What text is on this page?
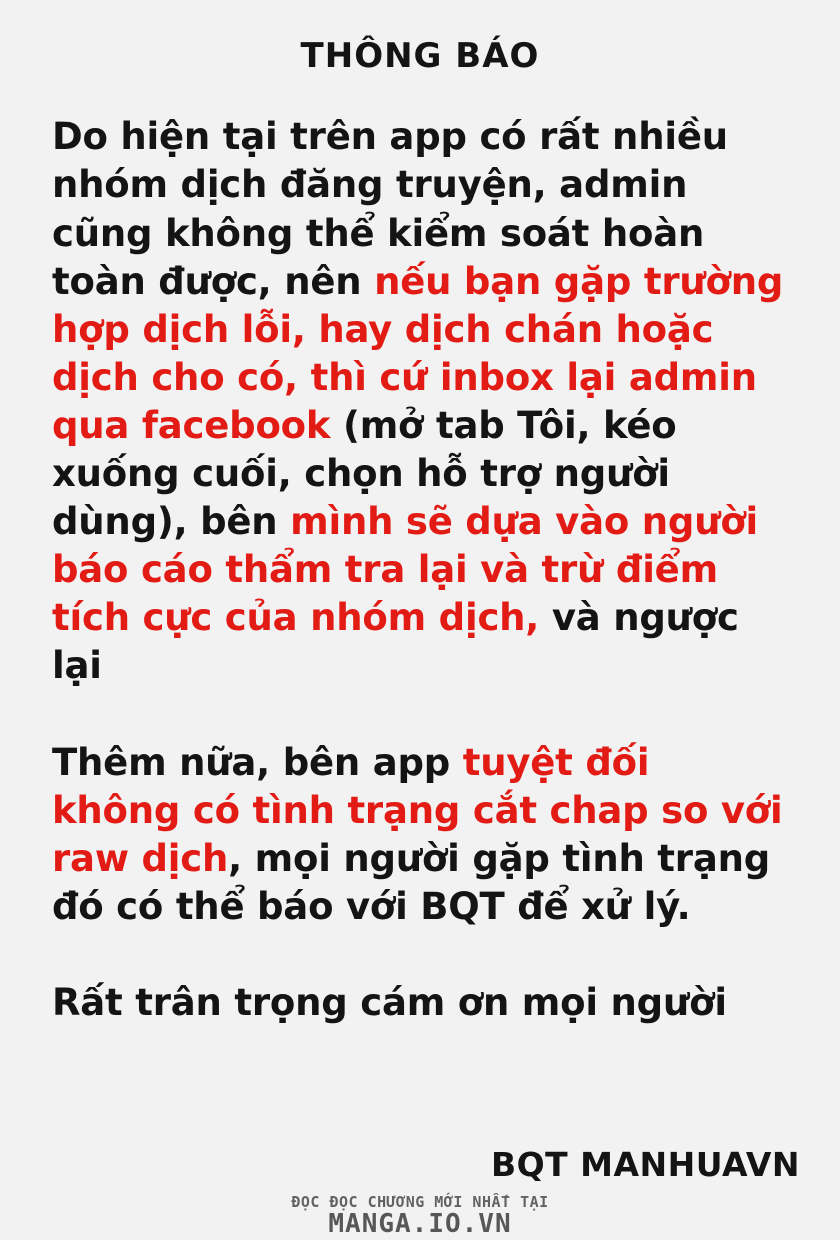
THÔNG BÁO

Do hiện tại trên app có rất nhiều nhóm dịch đăng truyện, admin cũng không thể kiểm soát hoàn toàn được, nên nếu bạn gặp trường hợp dịch lỗi, hay dịch chán hoặc dịch cho có, thì cứ inbox lại admin qua facebook (mở tab Tôi, kéo xuống cuối, chọn hỗ trợ người dùng), bên mình sẽ dựa vào người báo cáo thẩm tra lại và trừ điểm tích cực của nhóm dịch, và ngược lại

Thêm nữa, bên app tuyệt đối không có tình trạng cắt chap so với raw dịch, mọi người gặp tình trạng đó có thể báo với BQT để xử lý.

Rất trân trọng cám ơn mọi người

BQT MANHUAVN
ĐỌC ĐỌC CHƯƠNG MỚI NHẤT TẠI
MANGA.IO.VN
